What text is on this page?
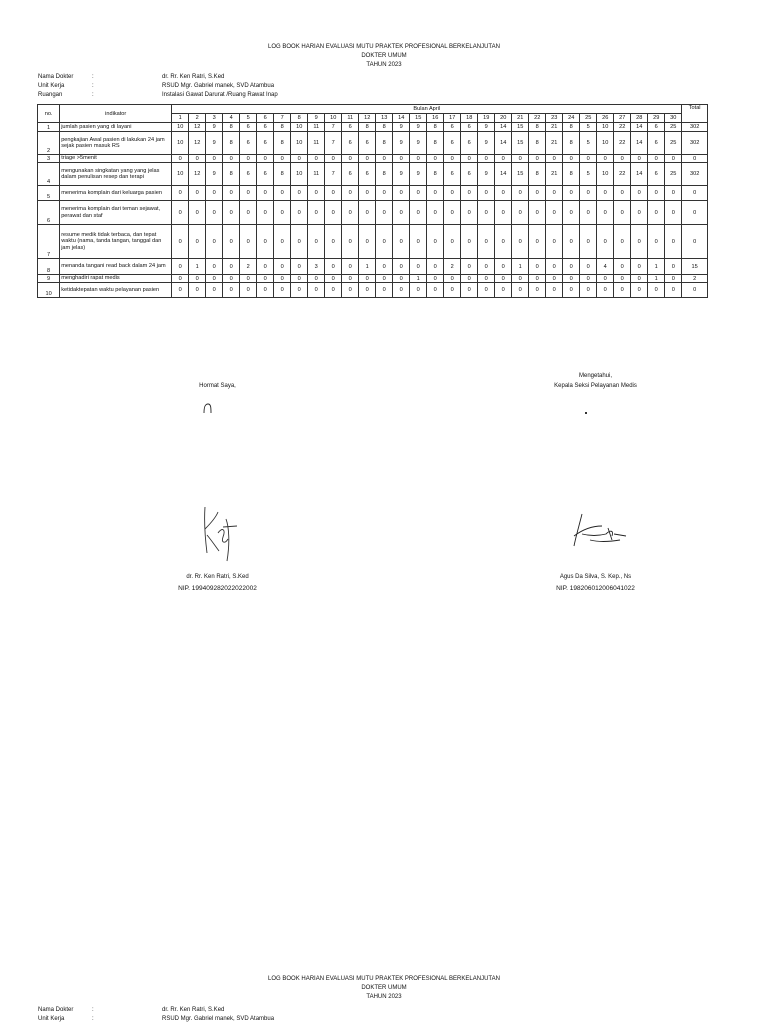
LOG BOOK HARIAN EVALUASI MUTU PRAKTEK PROFESIONAL BERKELANJUTAN
DOKTER UMUM
TAHUN 2023
Nama Dokter	:	dr. Rr. Ken Ratri, S.Ked
Unit Kerja	:	RSUD Mgr. Gabriel manek, SVD Atambua
Ruangan	:	Instalasi Gawat Darurat /Ruang Rawat Inap
no.	indikator	Bulan April																														Total
		1	2	3	4	5	6	7	8	9	10	11	12	13	14	15	16	17	18	19	20	21	22	23	24	25	26	27	28	29	30	
1	jumlah pasien yang di layani	10	12	9	8	6	6	8	10	11	7	6	8	8	9	9	8	6	6	9	14	15	8	21	8	5	10	22	14	6	25	302
2	pengkajian Awal pasien di lakukan 24 jam sejak pasien masuk RS	10	12	9	8	6	6	8	10	11	7	6	6	8	9	9	8	6	6	9	14	15	8	21	8	5	10	22	14	6	25	302
3	triage >5menit	0	0	0	0	0	0	0	0	0	0	0	0	0	0	0	0	0	0	0	0	0	0	0	0	0	0	0	0	0	0	0
4	mengunakan singkatan yang yang jelas dalam penulisan resep dan terapi	10	12	9	8	6	6	8	10	11	7	6	6	8	9	9	8	6	6	9	14	15	8	21	8	5	10	22	14	6	25	302
5	menerima komplain dari keluarga pasien	0	0	0	0	0	0	0	0	0	0	0	0	0	0	0	0	0	0	0	0	0	0	0	0	0	0	0	0	0	0	0
6	menerima komplain dari teman sejawat, perawat dan staf	0	0	0	0	0	0	0	0	0	0	0	0	0	0	0	0	0	0	0	0	0	0	0	0	0	0	0	0	0	0	0
7	resume medik tidak terbaca, dan tepat waktu (nama, tanda tangan, tanggal dan jam jelas)	0	0	0	0	0	0	0	0	0	0	0	0	0	0	0	0	0	0	0	0	0	0	0	0	0	0	0	0	0	0	0
8	menanda tangani read back dalam 24 jam	0	1	0	0	2	0	0	0	3	0	0	1	0	0	0	0	2	0	0	0	1	0	0	0	0	4	0	0	1	0	15
9	menghadiri rapat medis	0	0	0	0	0	0	0	0	0	0	0	0	0	0	1	0	0	0	0	0	0	0	0	0	0	0	0	0	1	0	2
10	ketidaktepatan waktu pelayanan pasien	0	0	0	0	0	0	0	0	0	0	0	0	0	0	0	0	0	0	0	0	0	0	0	0	0	0	0	0	0	0	0
Hormat Saya,
dr. Rr. Ken Ratri, S.Ked
NIP. 199409282022022002
Mengetahui,
Kepala Seksi Pelayanan Medis
Agus Da Silva, S. Kep., Ns
NIP. 198206012006041022
LOG BOOK HARIAN EVALUASI MUTU PRAKTEK PROFESIONAL BERKELANJUTAN
DOKTER UMUM
TAHUN 2023
Nama Dokter	:	dr. Rr. Ken Ratri, S.Ked
Unit Kerja	:	RSUD Mgr. Gabriel manek, SVD Atambua
